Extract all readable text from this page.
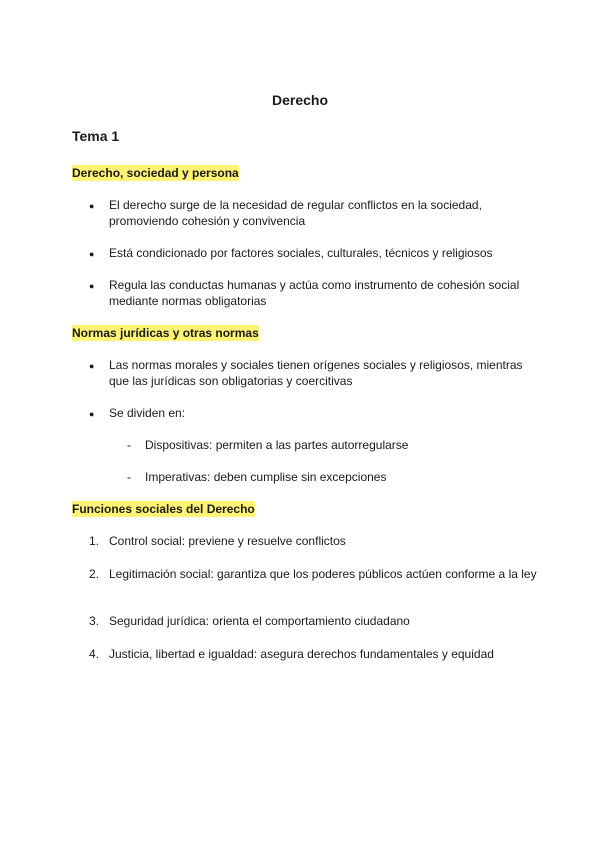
Derecho
Tema 1
Derecho, sociedad y persona
● El derecho surge de la necesidad de regular conflictos en la sociedad, promoviendo cohesión y convivencia
● Está condicionado por factores sociales, culturales, técnicos y religiosos
● Regula las conductas humanas y actúa como instrumento de cohesión social mediante normas obligatorias
Normas jurídicas y otras normas
● Las normas morales y sociales tienen orígenes sociales y religiosos, mientras que las jurídicas son obligatorias y coercitivas
● Se dividen en:
- Dispositivas: permiten a las partes autorregularse
- Imperativas: deben cumplise sin excepciones
Funciones sociales del Derecho
1. Control social: previene y resuelve conflictos
2. Legitimación social: garantiza que los poderes públicos actúen conforme a la ley
3. Seguridad jurídica: orienta el comportamiento ciudadano
4. Justicia, libertad e igualdad: asegura derechos fundamentales y equidad
